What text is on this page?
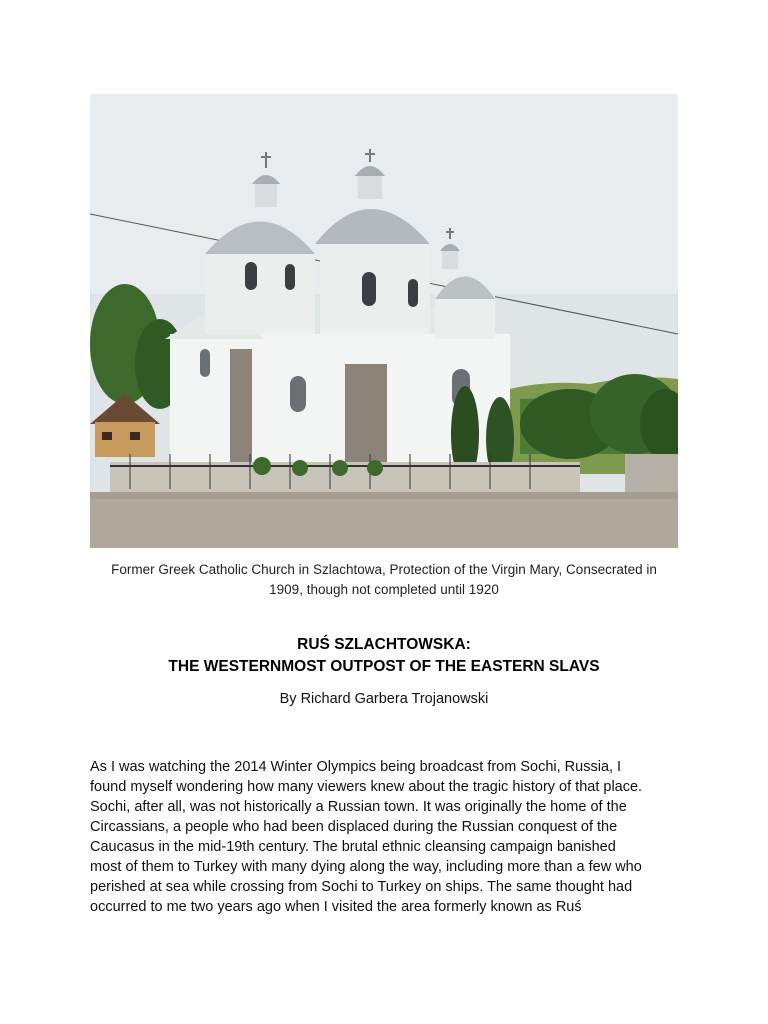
Former Greek Catholic Church in Szlachtowa, Protection of the Virgin Mary, Consecrated in
1909, though not completed until 1920
RUŚ SZLACHTOWSKA:
THE WESTERNMOST OUTPOST OF THE EASTERN SLAVS
By Richard Garbera Trojanowski
As I was watching the 2014 Winter Olympics being broadcast from Sochi, Russia, I
found myself wondering how many viewers knew about the tragic history of that place.
Sochi, after all, was not historically a Russian town. It was originally the home of the
Circassians, a people who had been displaced during the Russian conquest of the
Caucasus in the mid-19th century. The brutal ethnic cleansing campaign banished
most of them to Turkey with many dying along the way, including more than a few who
perished at sea while crossing from Sochi to Turkey on ships. The same thought had
occurred to me two years ago when I visited the area formerly known as Ruś
